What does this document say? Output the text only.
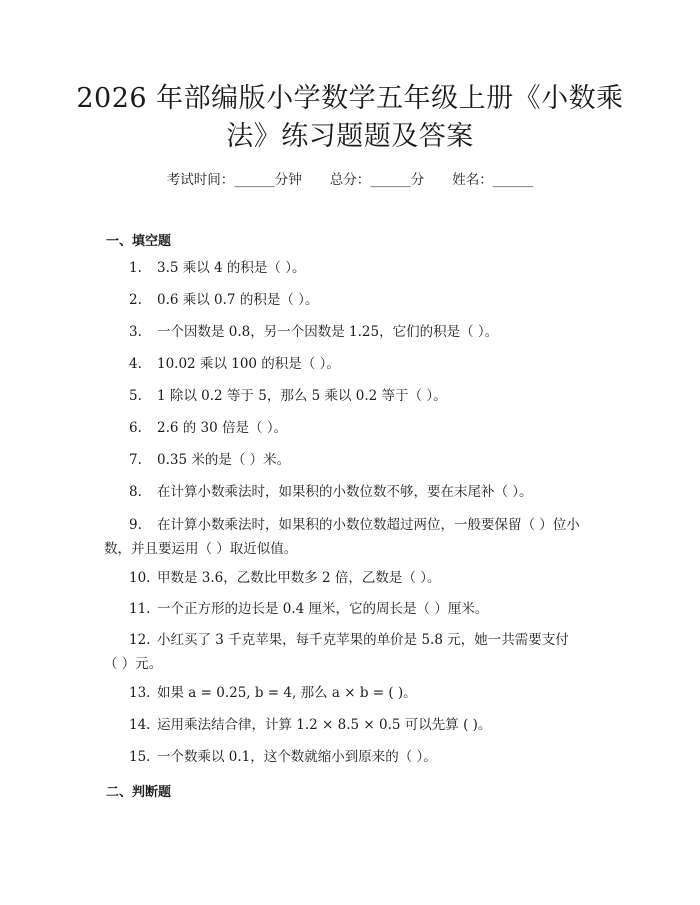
2026 年部编版小学数学五年级上册《小数乘
法》练习题题及答案
考试时间：______分钟 总分：______分 姓名：______
一、填空题
1. 3.5 乘以 4 的积是（ ）。
2. 0.6 乘以 0.7 的积是（ ）。
3. 一个因数是 0.8，另一个因数是 1.25，它们的积是（ ）。
4. 10.02 乘以 100 的积是（ ）。
5. 1 除以 0.2 等于 5，那么 5 乘以 0.2 等于（ ）。
6. 2.6 的 30 倍是（ ）。
7. 0.35 米的是（ ）米。
8. 在计算小数乘法时，如果积的小数位数不够，要在末尾补（ ）。
9. 在计算小数乘法时，如果积的小数位数超过两位，一般要保留（ ）位小
数，并且要运用（ ）取近似值。
10. 甲数是 3.6，乙数比甲数多 2 倍，乙数是（ ）。
11. 一个正方形的边长是 0.4 厘米，它的周长是（ ）厘米。
12. 小红买了 3 千克苹果，每千克苹果的单价是 5.8 元，她一共需要支付
（ ）元。
13. 如果 a = 0.25, b = 4, 那么 a × b = ( )。
14. 运用乘法结合律，计算 1.2 × 8.5 × 0.5 可以先算 ( )。
15. 一个数乘以 0.1，这个数就缩小到原来的（ ）。
二、判断题
